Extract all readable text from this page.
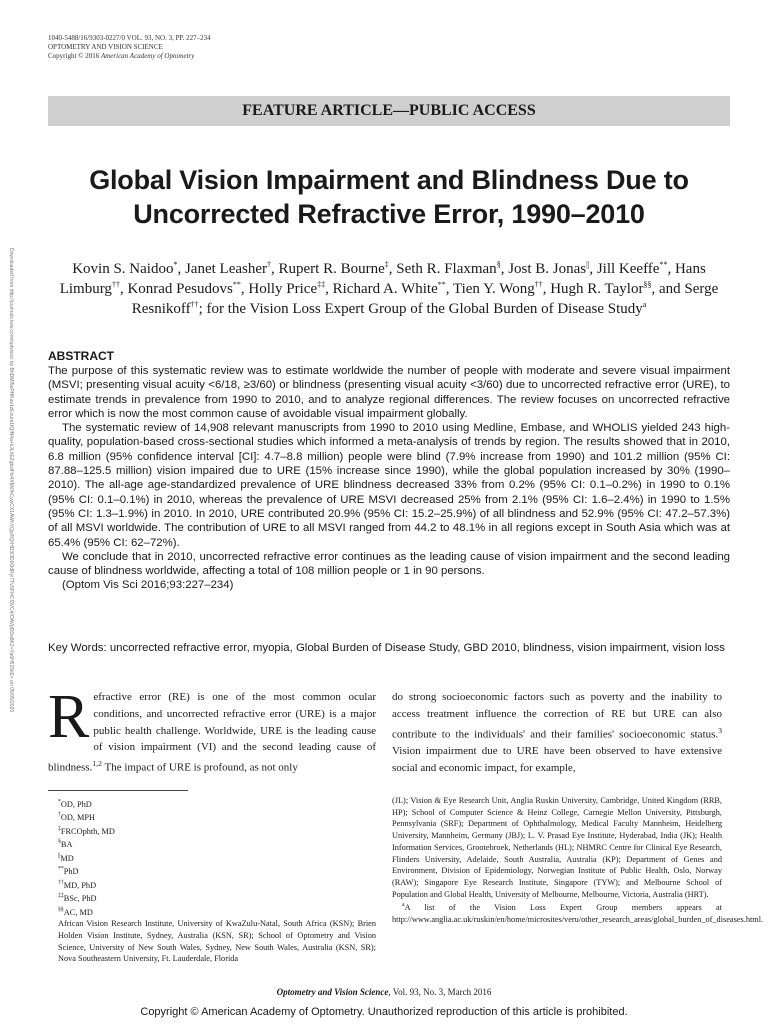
1040-5488/16/9303-0227/0 VOL. 93, NO. 3, PP. 227–234
OPTOMETRY AND VISION SCIENCE
Copyright © 2016 American Academy of Optometry
Downloaded from http://journals.lww.com/optvissci by BhDMf5ePHKav1zEoum1tQfN4a+kJLhEZgbsIHo4XMi0hCywCX1AWnYQp/IlQrHD3i3D0OdRyi7TvSFl4Cf3VC4/OAVpDDa8K2+Ya6H515kE= on 05/05/2020
FEATURE ARTICLE—PUBLIC ACCESS
Global Vision Impairment and Blindness Due to Uncorrected Refractive Error, 1990–2010
Kovin S. Naidoo*, Janet Leasher†, Rupert R. Bourne‡, Seth R. Flaxman§, Jost B. Jonas||, Jill Keeffe**, Hans Limburg††, Konrad Pesudovs**, Holly Price‡‡, Richard A. White**, Tien Y. Wong††, Hugh R. Taylor§§, and Serge Resnikoff††; for the Vision Loss Expert Group of the Global Burden of Disease Study$^a$
ABSTRACT

The purpose of this systematic review was to estimate worldwide the number of people with moderate and severe visual impairment (MSVI; presenting visual acuity <6/18, ≥3/60) or blindness (presenting visual acuity <3/60) due to uncorrected refractive error (URE), to estimate trends in prevalence from 1990 to 2010, and to analyze regional differences. The review focuses on uncorrected refractive error which is now the most common cause of avoidable visual impairment globally.

The systematic review of 14,908 relevant manuscripts from 1990 to 2010 using Medline, Embase, and WHOLIS yielded 243 high-quality, population-based cross-sectional studies which informed a meta-analysis of trends by region. The results showed that in 2010, 6.8 million (95% confidence interval [CI]: 4.7–8.8 million) people were blind (7.9% increase from 1990) and 101.2 million (95% CI: 87.88–125.5 million) vision impaired due to URE (15% increase since 1990), while the global population increased by 30% (1990–2010). The all-age age-standardized prevalence of URE blindness decreased 33% from 0.2% (95% CI: 0.1–0.2%) in 1990 to 0.1% (95% CI: 0.1–0.1%) in 2010, whereas the prevalence of URE MSVI decreased 25% from 2.1% (95% CI: 1.6–2.4%) in 1990 to 1.5% (95% CI: 1.3–1.9%) in 2010. In 2010, URE contributed 20.9% (95% CI: 15.2–25.9%) of all blindness and 52.9% (95% CI: 47.2–57.3%) of all MSVI worldwide. The contribution of URE to all MSVI ranged from 44.2 to 48.1% in all regions except in South Asia which was at 65.4% (95% CI: 62–72%).

We conclude that in 2010, uncorrected refractive error continues as the leading cause of vision impairment and the second leading cause of blindness worldwide, affecting a total of 108 million people or 1 in 90 persons.

(Optom Vis Sci 2016;93:227–234)

Key Words: uncorrected refractive error, myopia, Global Burden of Disease Study, GBD 2010, blindness, vision impairment, vision loss
Refractive error (RE) is one of the most common ocular conditions, and uncorrected refractive error (URE) is a major public health challenge. Worldwide, URE is the leading cause of vision impairment (VI) and the second leading cause of blindness.$^{1,2}$ The impact of URE is profound, as not only
do strong socioeconomic factors such as poverty and the inability to access treatment influence the correction of RE but URE can also contribute to the individuals' and their families' socioeconomic status.$^3$ Vision impairment due to URE have been observed to have extensive social and economic impact, for example,
*OD, PhD
†OD, MPH
‡FRCOphth, MD
§BA
||MD
**PhD
††MD, PhD
‡‡BSc, PhD
§§AC, MD

African Vision Research Institute, University of KwaZulu-Natal, South Africa (KSN); Brien Holden Vision Institute, Sydney, Australia (KSN, SR); School of Optometry and Vision Science, University of New South Wales, Sydney, New South Wales, Australia (KSN, SR); Nova Southeastern University, Ft. Lauderdale, Florida

(JL); Vision & Eye Research Unit, Anglia Ruskin University, Cambridge, United Kingdom (RRB, HP); School of Computer Science & Heinz College, Carnegie Mellon University, Pittsburgh, Pennsylvania (SRF); Department of Ophthalmology, Medical Faculty Mannheim, Heidelberg University, Mannheim, Germany (JBJ); L. V. Prasad Eye Institute, Hyderabad, India (JK); Health Information Services, Grootebroek, Netherlands (HL); NHMRC Centre for Clinical Eye Research, Flinders University, Adelaide, South Australia, Australia (KP); Department of Genes and Environment, Division of Epidemiology, Norwegian Institute of Public Health, Oslo, Norway (RAW); Singapore Eye Research Institute, Singapore (TYW); and Melbourne School of Population and Global Health, University of Melbourne, Melbourne, Victoria, Australia (HRT).

$^a$A list of the Vision Loss Expert Group members appears at http://www.anglia.ac.uk/ruskin/en/home/microsites/veru/other_research_areas/global_burden_of_diseases.html.

Optometry and Vision Science, Vol. 93, No. 3, March 2016
Copyright © American Academy of Optometry. Unauthorized reproduction of this article is prohibited.
